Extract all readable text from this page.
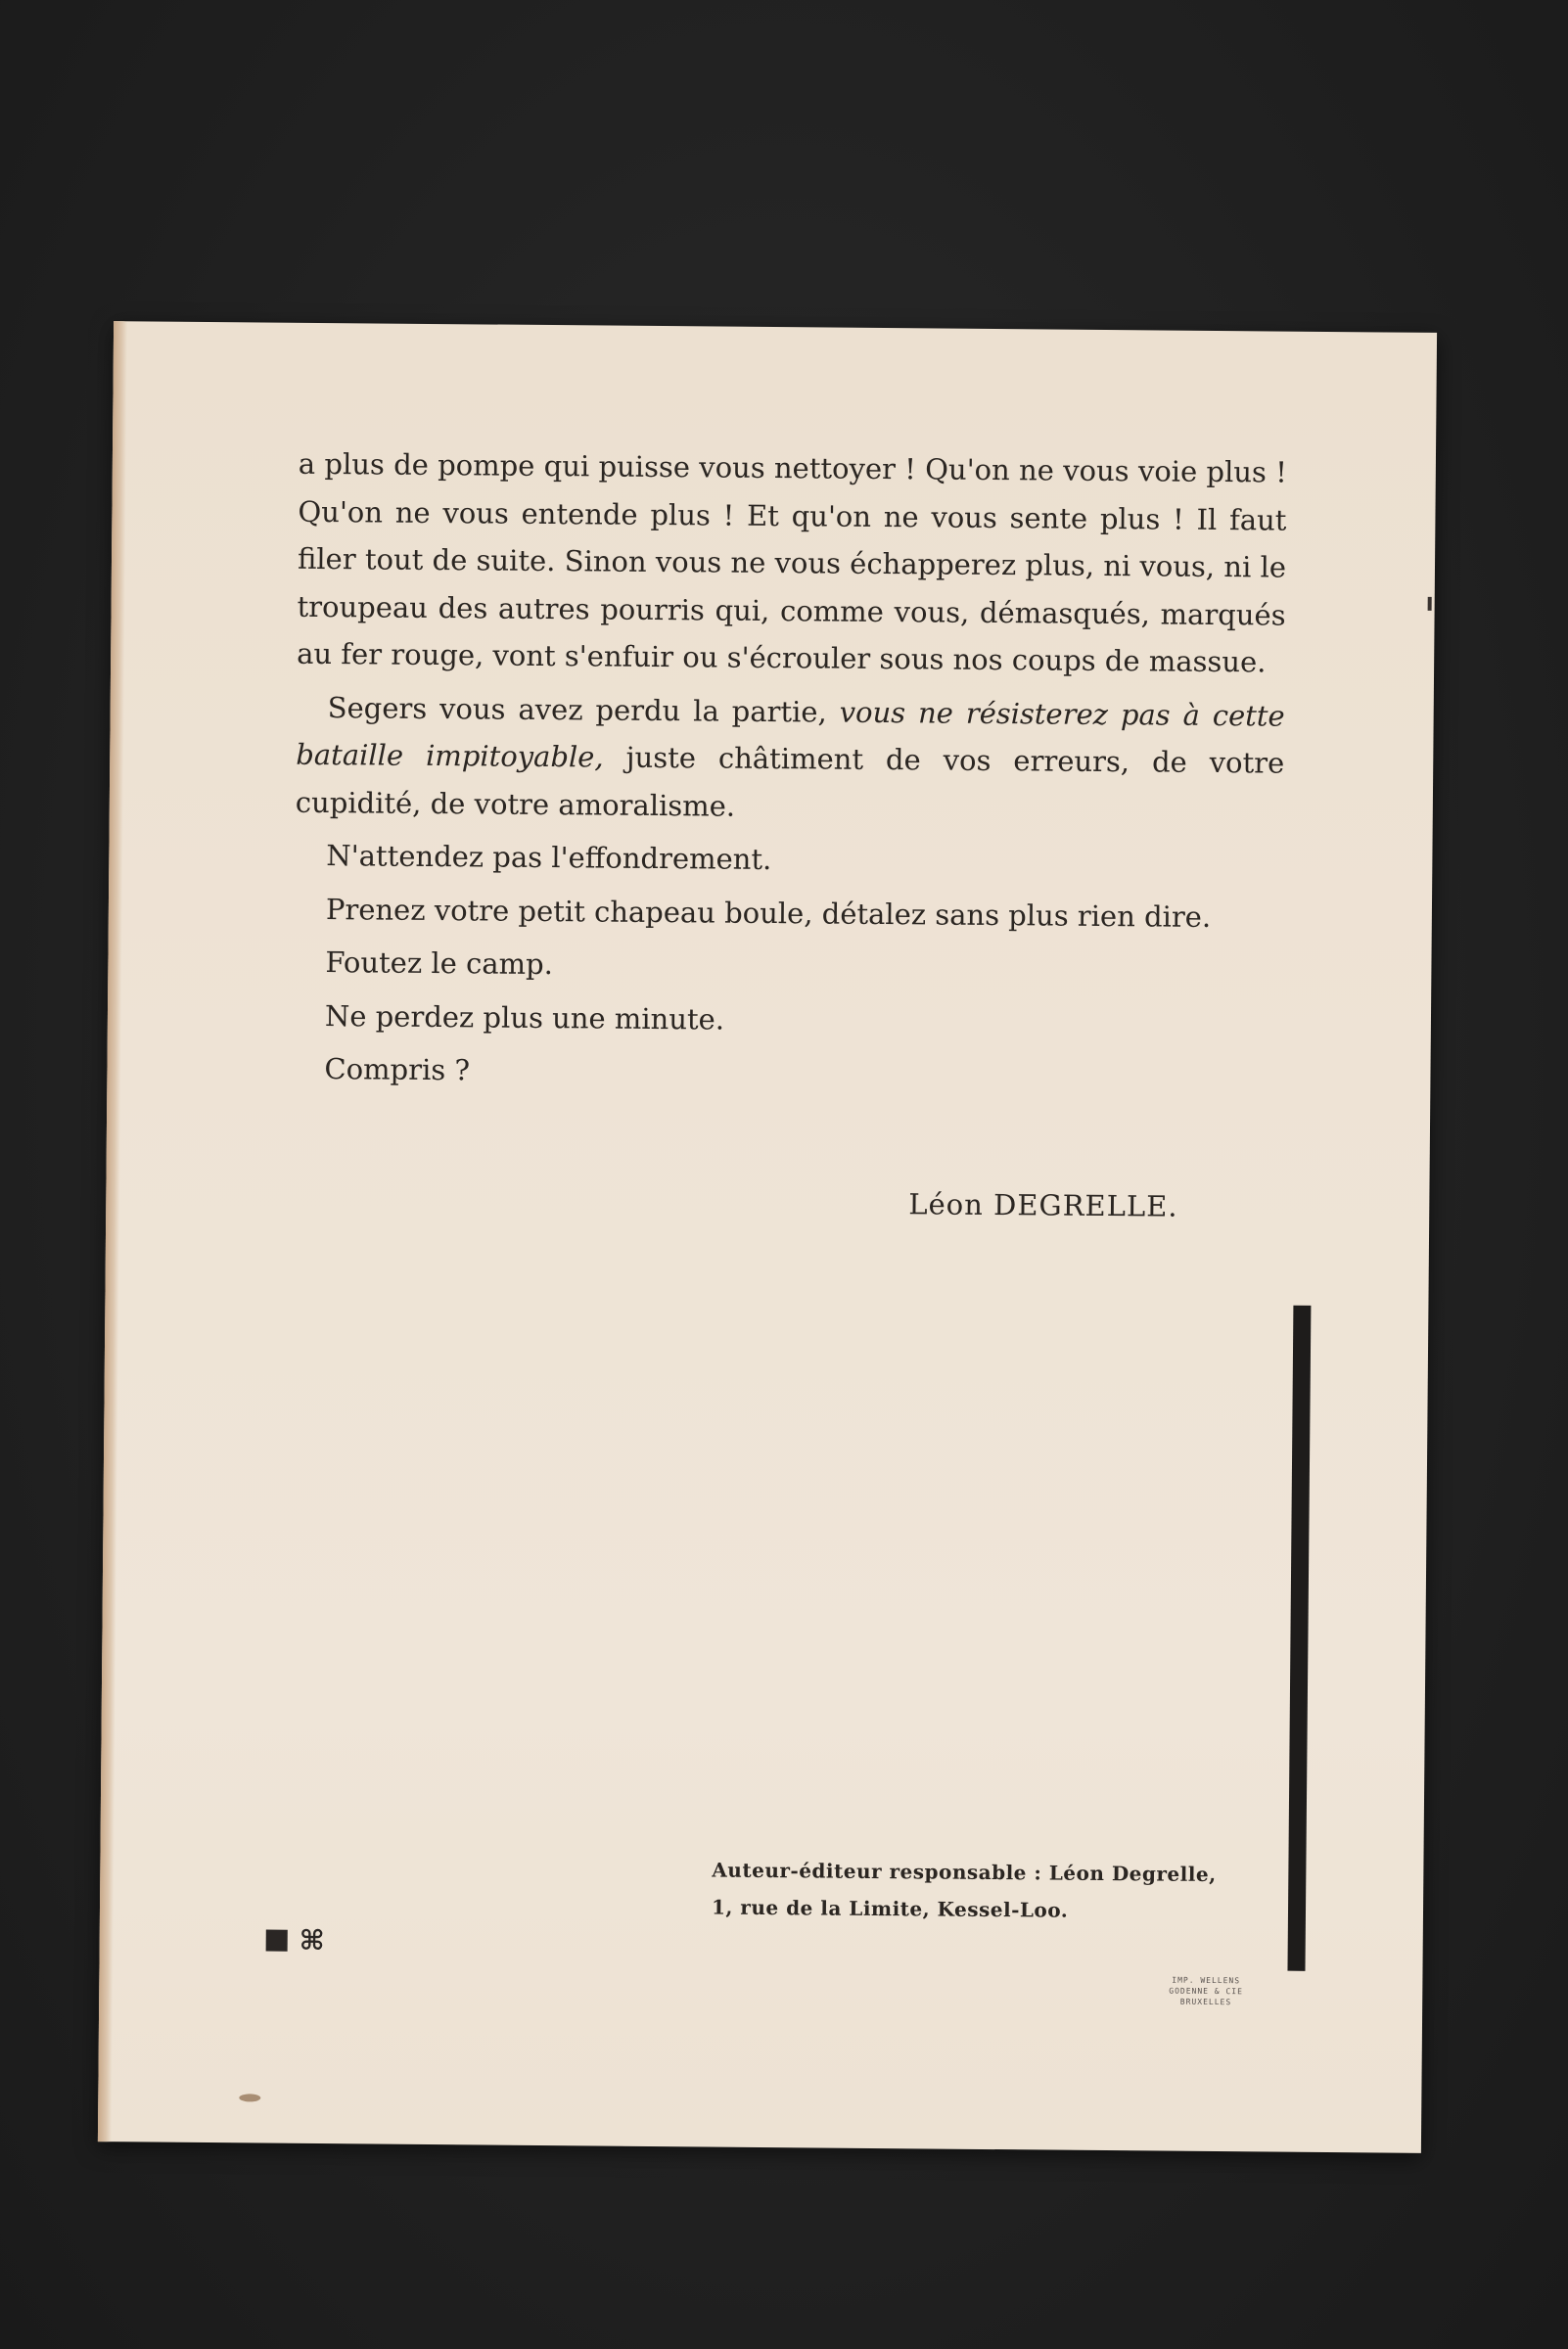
a plus de pompe qui puisse vous nettoyer ! Qu'on ne vous voie plus ! Qu'on ne vous entende plus ! Et qu'on ne vous sente plus ! Il faut filer tout de suite. Sinon vous ne vous échapperez plus, ni vous, ni le troupeau des autres pourris qui, comme vous, démasqués, marqués au fer rouge, vont s'enfuir ou s'écrouler sous nos coups de massue.

Segers vous avez perdu la partie, vous ne résisterez pas à cette bataille impitoyable, juste châtiment de vos erreurs, de votre cupidité, de votre amoralisme.

N'attendez pas l'effondrement.

Prenez votre petit chapeau boule, détalez sans plus rien dire.

Foutez le camp.

Ne perdez plus une minute.

Compris ?

Léon DEGRELLE.
Auteur-éditeur responsable : Léon Degrelle,
1, rue de la Limite, Kessel-Loo.
⌘
IMP. WELLENS
GODENNE & CIE
BRUXELLES
